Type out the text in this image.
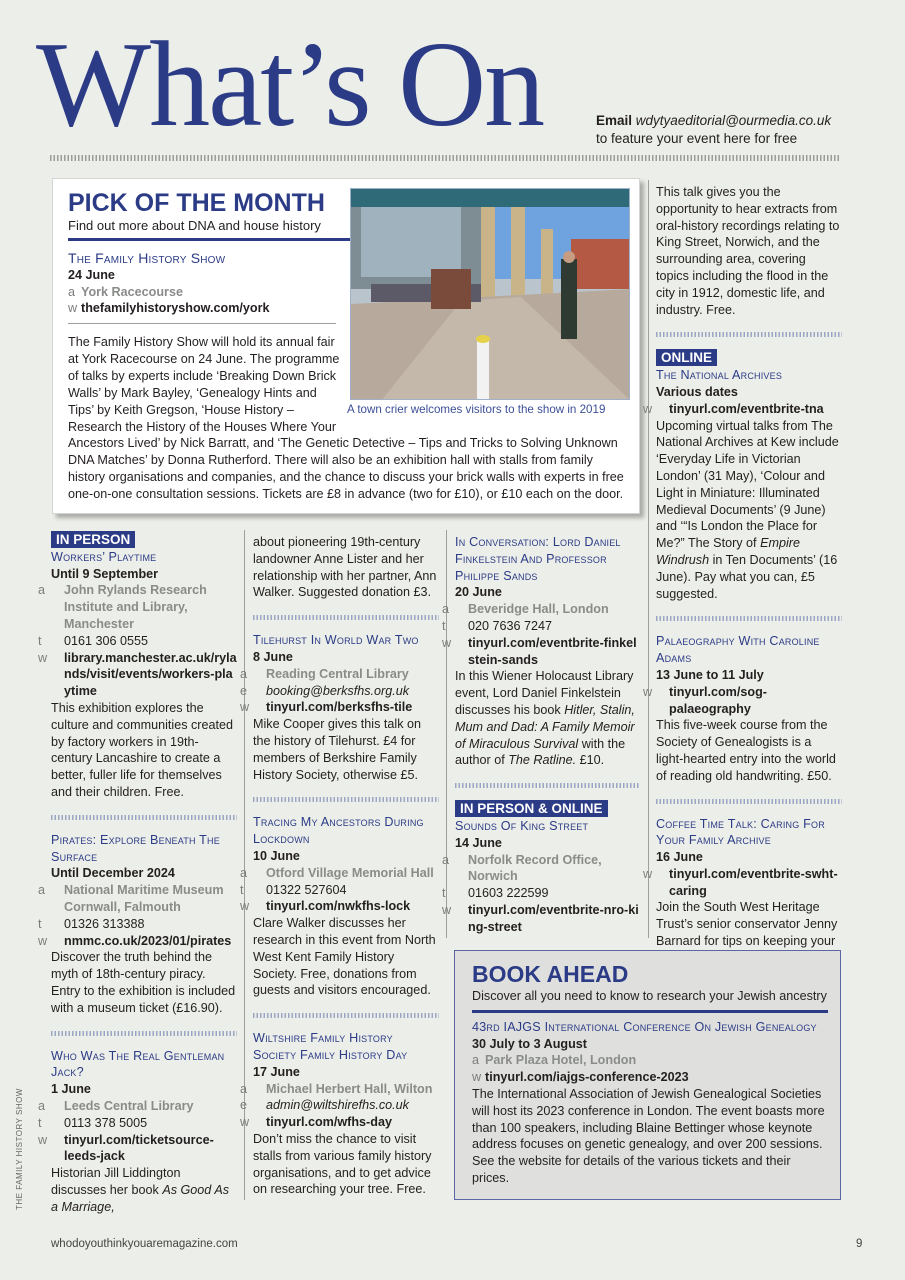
What’s On	Email wdytyaeditorial@ourmedia.co.uk
to feature your event here for free
PICK OF THE MONTH
Find out more about DNA and house history
The Family History Show
24 June
a York Racecourse
w thefamilyhistoryshow.com/york
A town crier welcomes visitors to the show in 2019
The Family History Show will hold its annual fair at York Racecourse on 24 June. The programme of talks by experts include ‘Breaking Down Brick Walls’ by Mark Bayley, ‘Genealogy Hints and Tips’ by Keith Gregson, ‘House History – Research the History of the Houses Where Your
Ancestors Lived’ by Nick Barratt, and ‘The Genetic Detective – Tips and Tricks to Solving Unknown DNA Matches’ by Donna Rutherford. There will also be an exhibition hall with stalls from family history organisations and companies, and the chance to discuss your brick walls with experts in free one-on-one consultation sessions. Tickets are £8 in advance (two for £10), or £10 each on the door.
IN PERSON
Workers’ Playtime
Until 9 September
a John Rylands Research Institute and Library, Manchester
t 0161 306 0555
w library.manchester.ac.uk/rylands/visit/events/workers-playtime
This exhibition explores the culture and communities created by factory workers in 19th-century Lancashire to create a better, fuller life for themselves and their children. Free.
Pirates: Explore Beneath The Surface
Until December 2024
a National Maritime Museum Cornwall, Falmouth
t 01326 313388
w nmmc.co.uk/2023/01/pirates
Discover the truth behind the myth of 18th-century piracy. Entry to the exhibition is included with a museum ticket (£16.90).
Who Was The Real Gentleman Jack?
1 June
a Leeds Central Library
t 0113 378 5005
w tinyurl.com/ticketsource-leeds-jack
Historian Jill Liddington discusses her book As Good As a Marriage,
about pioneering 19th-century landowner Anne Lister and her relationship with her partner, Ann Walker. Suggested donation £3.
Tilehurst In World War Two
8 June
a Reading Central Library
e booking@berksfhs.org.uk
w tinyurl.com/berksfhs-tile
Mike Cooper gives this talk on the history of Tilehurst. £4 for members of Berkshire Family History Society, otherwise £5.
Tracing My Ancestors During Lockdown
10 June
a Otford Village Memorial Hall
t 01322 527604
w tinyurl.com/nwkfhs-lock
Clare Walker discusses her research in this event from North West Kent Family History Society. Free, donations from guests and visitors encouraged.
Wiltshire Family History Society Family History Day
17 June
a Michael Herbert Hall, Wilton
e admin@wiltshirefhs.co.uk
w tinyurl.com/wfhs-day
Don’t miss the chance to visit stalls from various family history organisations, and to get advice on researching your tree. Free.
In Conversation: Lord Daniel Finkelstein And Professor Philippe Sands
20 June
a Beveridge Hall, London
t 020 7636 7247
w tinyurl.com/eventbrite-finkelstein-sands
In this Wiener Holocaust Library event, Lord Daniel Finkelstein discusses his book Hitler, Stalin, Mum and Dad: A Family Memoir of Miraculous Survival with the author of The Ratline. £10.
IN PERSON & ONLINE
Sounds Of King Street
14 June
a Norfolk Record Office, Norwich
t 01603 222599
w tinyurl.com/eventbrite-nro-king-street
This talk gives you the opportunity to hear extracts from oral-history recordings relating to King Street, Norwich, and the surrounding area, covering topics including the flood in the city in 1912, domestic life, and industry. Free.
ONLINE
The National Archives
Various dates
w tinyurl.com/eventbrite-tna
Upcoming virtual talks from The National Archives at Kew include ‘Everyday Life in Victorian London’ (31 May), ‘Colour and Light in Miniature: Illuminated Medieval Documents’ (9 June) and ‘“Is London the Place for Me?” The Story of Empire Windrush in Ten Documents’ (16 June). Pay what you can, £5 suggested.
Palaeography With Caroline Adams
13 June to 11 July
w tinyurl.com/sog-palaeography
This five-week course from the Society of Genealogists is a light-hearted entry into the world of reading old handwriting. £50.
Coffee Time Talk: Caring For Your Family Archive
16 June
w tinyurl.com/eventbrite-swht-caring
Join the South West Heritage Trust’s senior conservator Jenny Barnard for tips on keeping your
BOOK AHEAD
Discover all you need to know to research your Jewish ancestry
43rd IAJGS International Conference On Jewish Genealogy
30 July to 3 August
a Park Plaza Hotel, London
w tinyurl.com/iajgs-conference-2023
The International Association of Jewish Genealogical Societies will host its 2023 conference in London. The event boasts more than 100 speakers, including Blaine Bettinger whose keynote address focuses on genetic genealogy, and over 200 sessions. See the website for details of the various tickets and their prices.
whodoyouthinkyouaremagazine.com	9
THE FAMILY HISTORY SHOW
